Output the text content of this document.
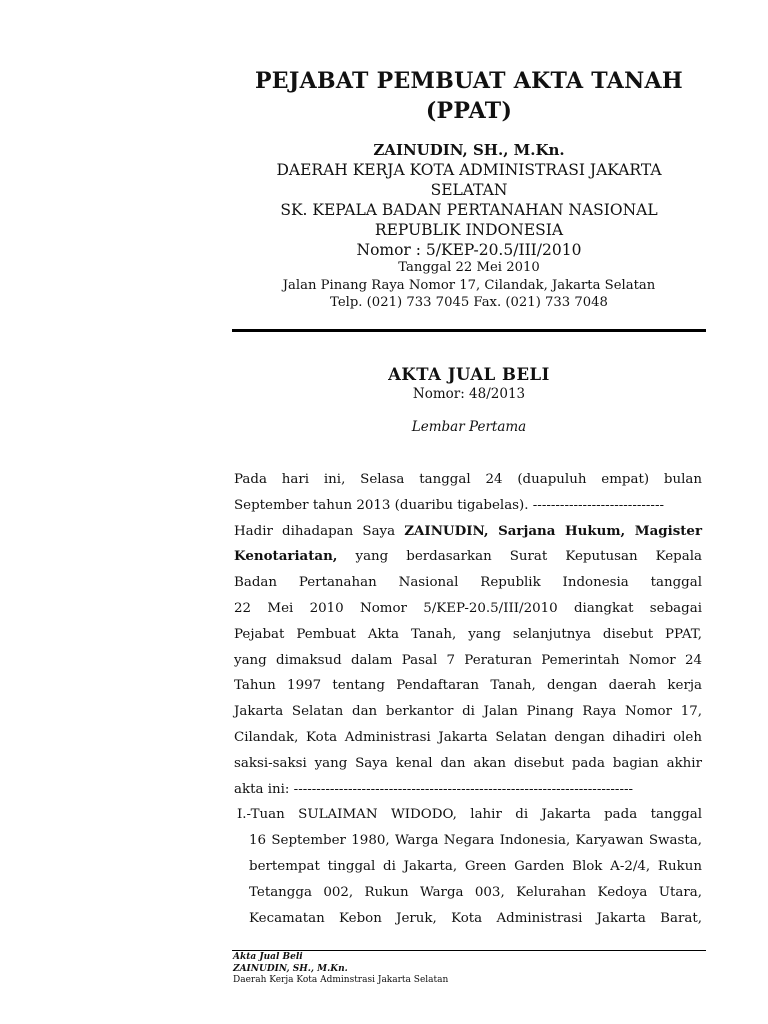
PEJABAT PEMBUAT AKTA TANAH
(PPAT)
ZAINUDIN, SH., M.Kn.
DAERAH KERJA KOTA ADMINISTRASI JAKARTA
SELATAN
SK. KEPALA BADAN PERTANAHAN NASIONAL
REPUBLIK INDONESIA
Nomor : 5/KEP-20.5/III/2010
Tanggal 22 Mei 2010
Jalan Pinang Raya Nomor 17, Cilandak, Jakarta Selatan
Telp. (021) 733 7045 Fax. (021) 733 7048
AKTA JUAL BELI
Nomor: 48/2013
Lembar Pertama
Pada hari ini, Selasa tanggal 24 (duapuluh empat) bulan
September tahun 2013 (duaribu tigabelas). -----------------------------
Hadir dihadapan Saya ZAINUDIN, Sarjana Hukum, Magister
Kenotariatan, yang berdasarkan Surat Keputusan Kepala
Badan Pertanahan Nasional Republik Indonesia tanggal
22 Mei 2010 Nomor 5/KEP-20.5/III/2010 diangkat sebagai
Pejabat Pembuat Akta Tanah, yang selanjutnya disebut PPAT,
yang dimaksud dalam Pasal 7 Peraturan Pemerintah Nomor 24
Tahun 1997 tentang Pendaftaran Tanah, dengan daerah kerja
Jakarta Selatan dan berkantor di Jalan Pinang Raya Nomor 17,
Cilandak, Kota Administrasi Jakarta Selatan dengan dihadiri oleh
saksi-saksi yang Saya kenal dan akan disebut pada bagian akhir
akta ini: ---------------------------------------------------------------------------
I.-Tuan SULAIMAN WIDODO, lahir di Jakarta pada tanggal
16 September 1980, Warga Negara Indonesia, Karyawan Swasta,
bertempat tinggal di Jakarta, Green Garden Blok A-2/4, Rukun
Tetangga 002, Rukun Warga 003, Kelurahan Kedoya Utara,
Kecamatan Kebon Jeruk, Kota Administrasi Jakarta Barat,
Akta Jual Beli
ZAINUDIN, SH., M.Kn.
Daerah Kerja Kota Adminstrasi Jakarta Selatan
